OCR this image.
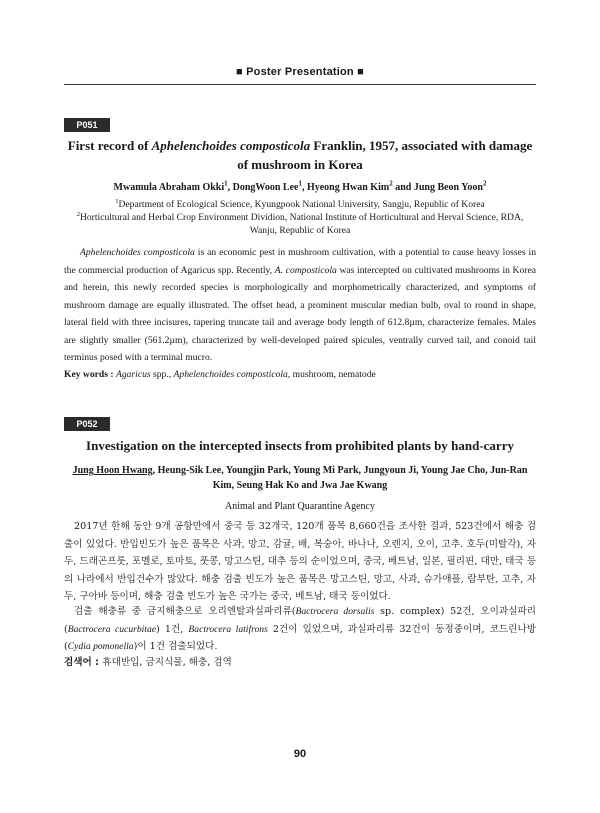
■ Poster Presentation ■
P051
First record of Aphelenchoides composticola Franklin, 1957, associated with damage of mushroom in Korea
Mwamula Abraham Okki$^1$, DongWoon Lee$^1$, Hyeong Hwan Kim$^2$ and Jung Beon Yoon$^2$
$^1$Department of Ecological Science, Kyungpook National University, Sangju, Republic of Korea
$^2$Horticultural and Herbal Crop Environment Dividion, National Institute of Horticultural and Herval Science, RDA, Wanju, Republic of Korea
Aphelenchoides composticola is an economic pest in mushroom cultivation, with a potential to cause heavy losses in the commercial production of Agaricus spp. Recently, A. composticola was intercepted on cultivated mushrooms in Korea and herein, this newly recorded species is morphologically and morphometrically characterized, and symptoms of mushroom damage are equally illustrated. The offset head, a prominent muscular median bulb, oval to round in shape, lateral field with three incisures, tapering truncate tail and average body length of 612.8µm, characterize females. Males are slightly smaller (561.2µm), characterized by well-developed paired spicules, ventrally curved tail, and conoid tail terminus posed with a terminal mucro.
Key words : Agaricus spp., Aphelenchoides composticola, mushroom, nematode
P052
Investigation on the intercepted insects from prohibited plants by hand-carry
Jung Hoon Hwang, Heung-Sik Lee, Youngjin Park, Young Mi Park, Jungyoun Ji, Young Jae Cho, Jun-Ran Kim, Seung Hak Ko and Jwa Jae Kwang
Animal and Plant Quarantine Agency
2017년 한해 동안 9개 공항만에서 중국 등 32개국, 120개 품목 8,660건을 조사한 결과, 523건에서 해충 검출이 있었다. 반입빈도가 높은 품목은 사과, 망고, 감귤, 배, 복숭아, 바나나, 오렌지, 오이, 고추. 호두(미탈각), 자두, 드래곤프룻, 포멜로, 토마토, 풋콩, 망고스틴, 대추 등의 순이었으며, 중국, 베트남, 일본, 필리핀, 대만, 태국 등의 나라에서 반입건수가 많았다. 해충 검출 빈도가 높은 품목은 망고스틴, 망고, 사과, 슈가애플, 람부탄, 고추, 자두, 구아바 등이며, 해충 검출 빈도가 높은 국가는 중국, 베트남, 태국 등이었다.
검출 해충류 중 금지해충으로 오리엔탈과실파리류(Bactrocera dorsalis sp. complex) 52건, 오이과실파리(Bactrocera cucurbitae) 1건, Bactrocera latifrons 2건이 있었으며, 과실파리류 32건이 동정중이며, 코드린나방(Cydia pomonella)이 1건 검출되었다.
검색어 : 휴대반입, 금지식물, 해충, 검역
90
